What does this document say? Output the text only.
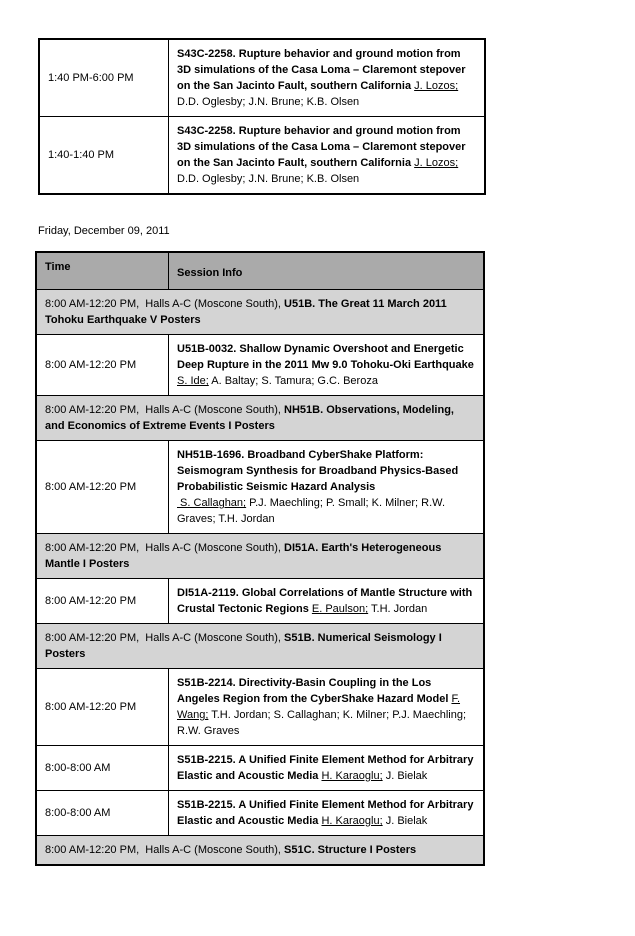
1:40 PM-6:00 PM	S43C-2258. Rupture behavior and ground motion from 3D simulations of the Casa Loma – Claremont stepover on the San Jacinto Fault, southern California J. Lozos; D.D. Oglesby; J.N. Brune; K.B. Olsen
1:40-1:40 PM	S43C-2258. Rupture behavior and ground motion from 3D simulations of the Casa Loma – Claremont stepover on the San Jacinto Fault, southern California J. Lozos; D.D. Oglesby; J.N. Brune; K.B. Olsen
Friday, December 09, 2011
Time	Session Info
8:00 AM-12:20 PM,  Halls A-C (Moscone South), U51B. The Great 11 March 2011 Tohoku Earthquake V Posters	
8:00 AM-12:20 PM	U51B-0032. Shallow Dynamic Overshoot and Energetic Deep Rupture in the 2011 Mw 9.0 Tohoku-Oki Earthquake S. Ide; A. Baltay; S. Tamura; G.C. Beroza
8:00 AM-12:20 PM,  Halls A-C (Moscone South), NH51B. Observations, Modeling, and Economics of Extreme Events I Posters	
8:00 AM-12:20 PM	NH51B-1696. Broadband CyberShake Platform: Seismogram Synthesis for Broadband Physics-Based Probabilistic Seismic Hazard Analysis
S. Callaghan; P.J. Maechling; P. Small; K. Milner; R.W. Graves; T.H. Jordan
8:00 AM-12:20 PM,  Halls A-C (Moscone South), DI51A. Earth's Heterogeneous Mantle I Posters	
8:00 AM-12:20 PM	DI51A-2119. Global Correlations of Mantle Structure with Crustal Tectonic Regions E. Paulson; T.H. Jordan
8:00 AM-12:20 PM,  Halls A-C (Moscone South), S51B. Numerical Seismology I Posters	
8:00 AM-12:20 PM	S51B-2214. Directivity-Basin Coupling in the Los Angeles Region from the CyberShake Hazard Model F. Wang; T.H. Jordan; S. Callaghan; K. Milner; P.J. Maechling; R.W. Graves
8:00-8:00 AM	S51B-2215. A Unified Finite Element Method for Arbitrary Elastic and Acoustic Media H. Karaoglu; J. Bielak
8:00-8:00 AM	S51B-2215. A Unified Finite Element Method for Arbitrary Elastic and Acoustic Media H. Karaoglu; J. Bielak
8:00 AM-12:20 PM,  Halls A-C (Moscone South), S51C. Structure I Posters	
